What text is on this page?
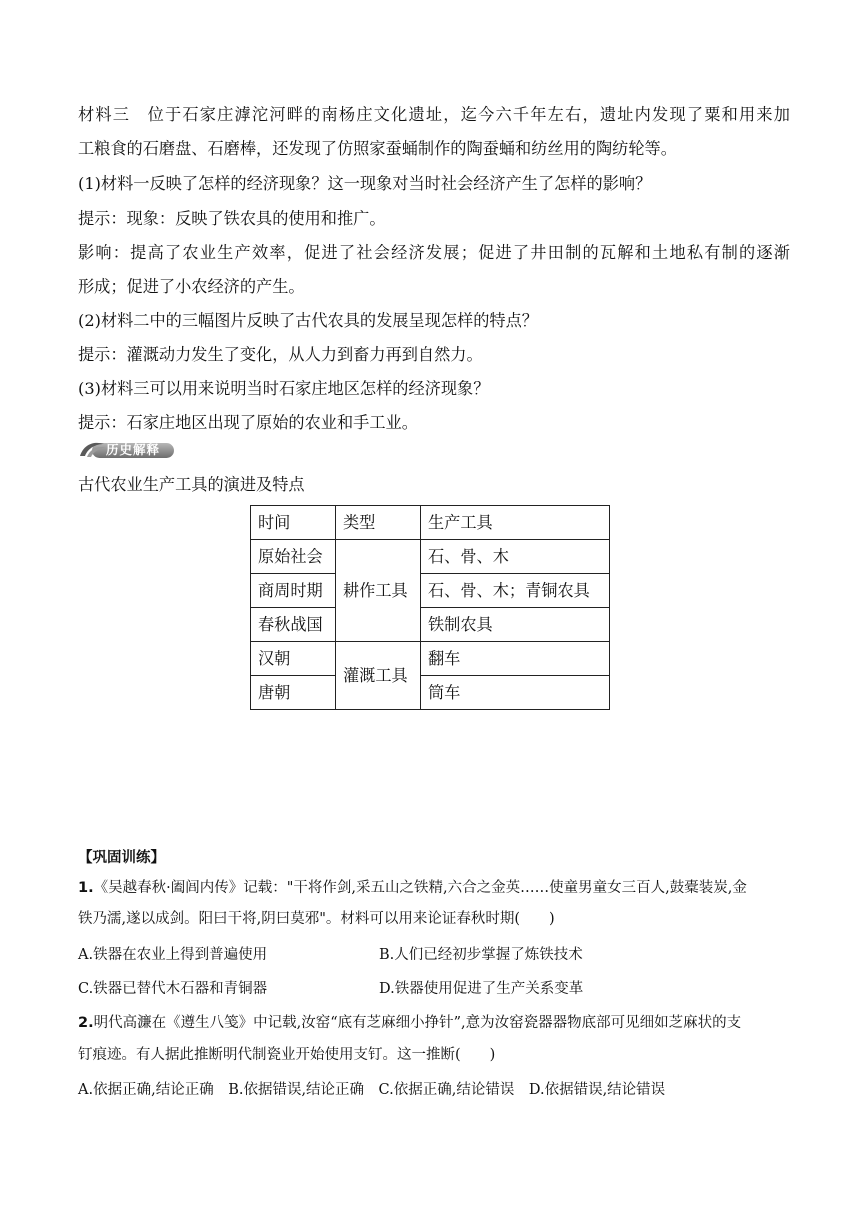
材料三　位于石家庄滹沱河畔的南杨庄文化遗址，迄今六千年左右，遗址内发现了粟和用来加
工粮食的石磨盘、石磨棒，还发现了仿照家蚕蛹制作的陶蚕蛹和纺丝用的陶纺轮等。
(1)材料一反映了怎样的经济现象？这一现象对当时社会经济产生了怎样的影响？
提示：现象：反映了铁农具的使用和推广。
影响：提高了农业生产效率，促进了社会经济发展；促进了井田制的瓦解和土地私有制的逐渐
形成；促进了小农经济的产生。
(2)材料二中的三幅图片反映了古代农具的发展呈现怎样的特点？
提示：灌溉动力发生了变化，从人力到畜力再到自然力。
(3)材料三可以用来说明当时石家庄地区怎样的经济现象？
提示：石家庄地区出现了原始的农业和手工业。
历史解释
古代农业生产工具的演进及特点
时间	类型	生产工具
原始社会	耕作工具	石、骨、木
商周时期		石、骨、木；青铜农具
春秋战国		铁制农具
汉朝	灌溉工具	翻车
唐朝		筒车
【巩固训练】
1.《吴越春秋·阖闾内传》记载："干将作剑,采五山之铁精,六合之金英……使童男童女三百人,鼓橐装炭,金
铁乃濡,遂以成剑。阳曰干将,阴曰莫邪"。材料可以用来论证春秋时期(　　)
A.铁器在农业上得到普遍使用	B.人们已经初步掌握了炼铁技术
C.铁器已替代木石器和青铜器	D.铁器使用促进了生产关系变革
2.明代高濂在《遵生八笺》中记载,汝窑“底有芝麻细小挣针”,意为汝窑瓷器器物底部可见细如芝麻状的支
钉痕迹。有人据此推断明代制瓷业开始使用支钉。这一推断(　　)
A.依据正确,结论正确　B.依据错误,结论正确　C.依据正确,结论错误　D.依据错误,结论错误
